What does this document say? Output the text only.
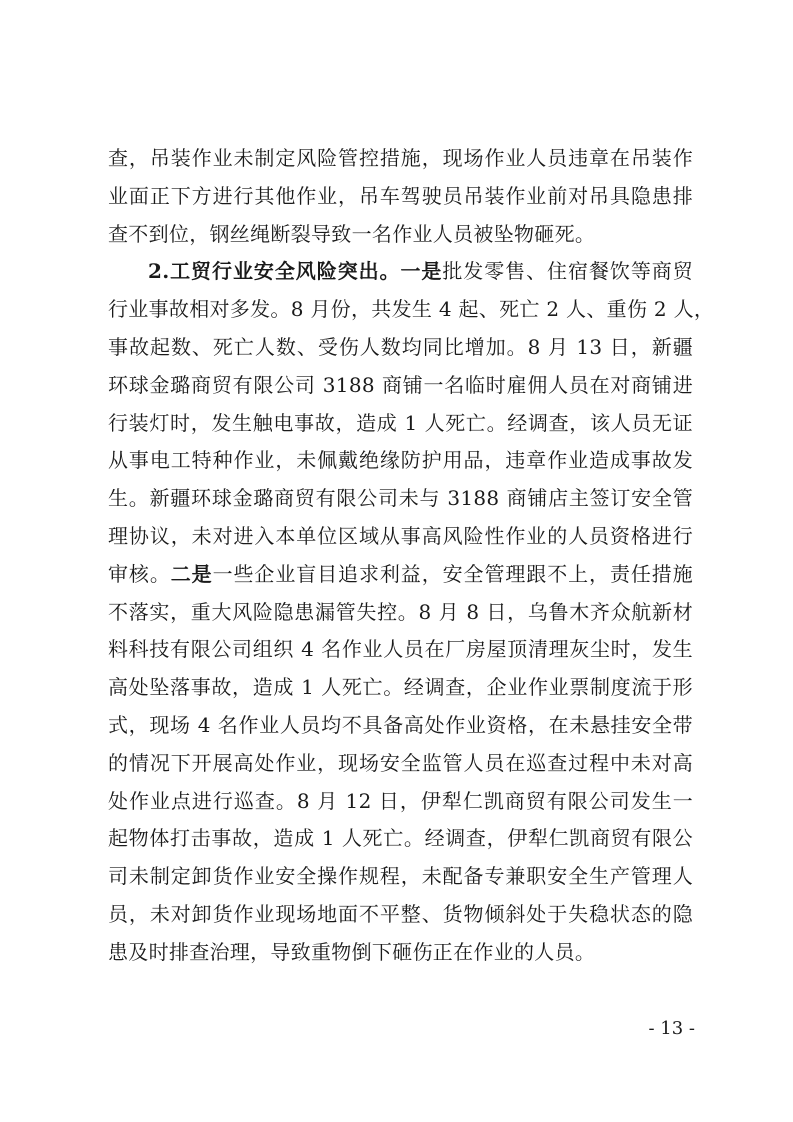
查，吊装作业未制定风险管控措施，现场作业人员违章在吊装作
业面正下方进行其他作业，吊车驾驶员吊装作业前对吊具隐患排
查不到位，钢丝绳断裂导致一名作业人员被坠物砸死。
2.工贸行业安全风险突出。一是批发零售、住宿餐饮等商贸
行业事故相对多发。8 月份，共发生 4 起、死亡 2 人、重伤 2 人，
事故起数、死亡人数、受伤人数均同比增加。8 月 13 日，新疆
环球金璐商贸有限公司 3188 商铺一名临时雇佣人员在对商铺进
行装灯时，发生触电事故，造成 1 人死亡。经调查，该人员无证
从事电工特种作业，未佩戴绝缘防护用品，违章作业造成事故发
生。新疆环球金璐商贸有限公司未与 3188 商铺店主签订安全管
理协议，未对进入本单位区域从事高风险性作业的人员资格进行
审核。二是一些企业盲目追求利益，安全管理跟不上，责任措施
不落实，重大风险隐患漏管失控。8 月 8 日，乌鲁木齐众航新材
料科技有限公司组织 4 名作业人员在厂房屋顶清理灰尘时，发生
高处坠落事故，造成 1 人死亡。经调查，企业作业票制度流于形
式，现场 4 名作业人员均不具备高处作业资格，在未悬挂安全带
的情况下开展高处作业，现场安全监管人员在巡查过程中未对高
处作业点进行巡查。8 月 12 日，伊犁仁凯商贸有限公司发生一
起物体打击事故，造成 1 人死亡。经调查，伊犁仁凯商贸有限公
司未制定卸货作业安全操作规程，未配备专兼职安全生产管理人
员，未对卸货作业现场地面不平整、货物倾斜处于失稳状态的隐
患及时排查治理，导致重物倒下砸伤正在作业的人员。
- 13 -
